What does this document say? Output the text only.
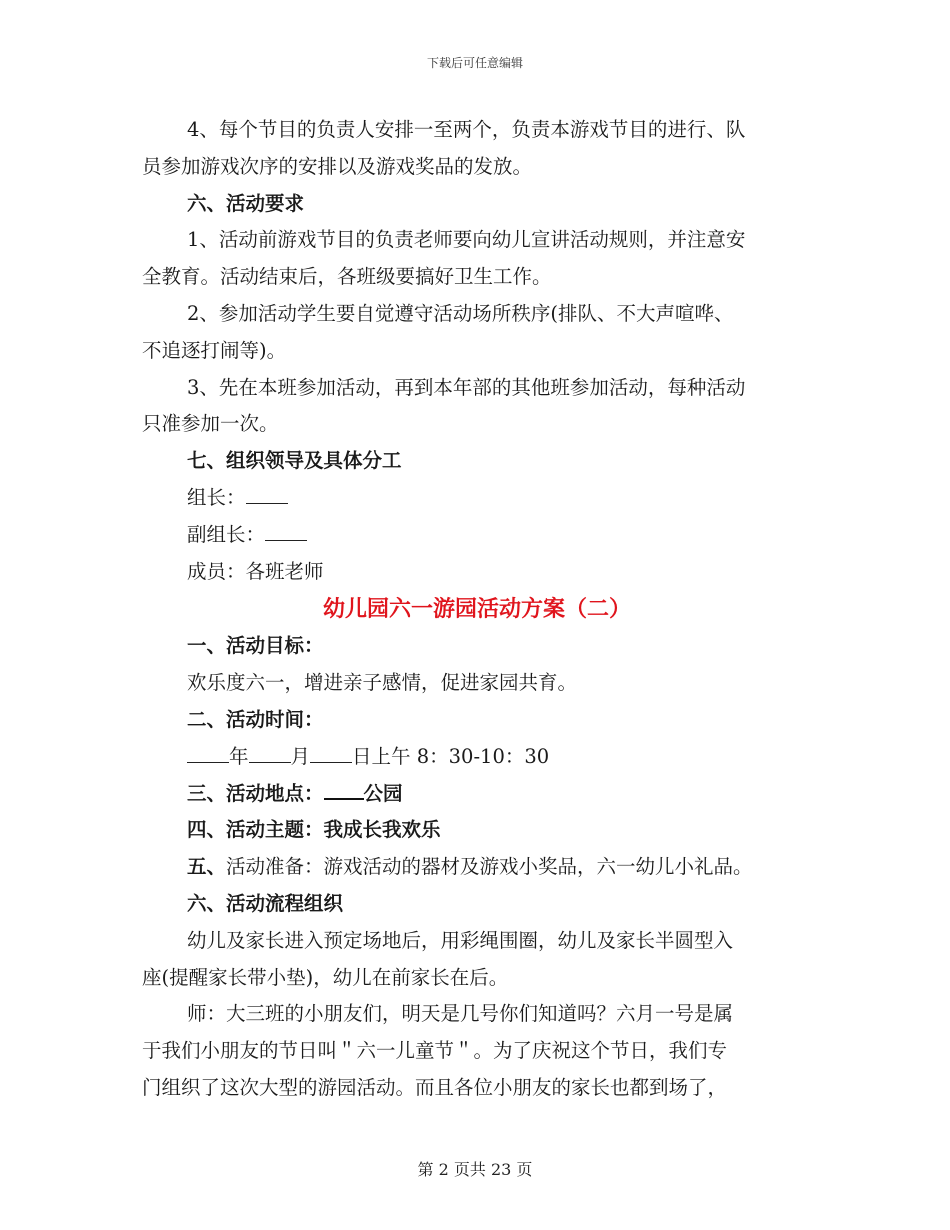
下载后可任意编辑
4、每个节目的负责人安排一至两个，负责本游戏节目的进行、队
员参加游戏次序的安排以及游戏奖品的发放。
六、活动要求
1、活动前游戏节目的负责老师要向幼儿宣讲活动规则，并注意安
全教育。活动结束后，各班级要搞好卫生工作。
2、参加活动学生要自觉遵守活动场所秩序(排队、不大声喧哗、
不追逐打闹等)。
3、先在本班参加活动，再到本年部的其他班参加活动，每种活动
只准参加一次。
七、组织领导及具体分工
组长：
副组长：
成员：各班老师
幼儿园六一游园活动方案（二）
一、活动目标：
欢乐度六一，增进亲子感情，促进家园共育。
二、活动时间：
年 月 日上午 8：30-10：30
三、活动地点： 公园
四、活动主题：我成长我欢乐
五、活动准备：游戏活动的器材及游戏小奖品，六一幼儿小礼品。
六、活动流程组织
幼儿及家长进入预定场地后，用彩绳围圈，幼儿及家长半圆型入
座(提醒家长带小垫)，幼儿在前家长在后。
师：大三班的小朋友们，明天是几号你们知道吗？六月一号是属
于我们小朋友的节日叫＂六一儿童节＂。为了庆祝这个节日，我们专
门组织了这次大型的游园活动。而且各位小朋友的家长也都到场了，
第 2 页共 23 页
